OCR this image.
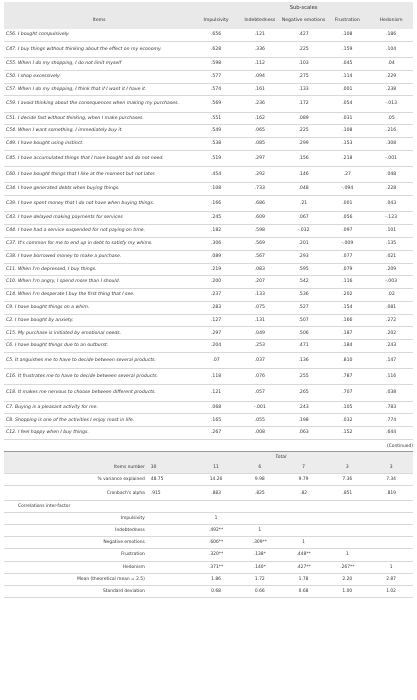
	Sub-scales				
Items	Impulsivity	Indebtedness	Negative emotions	Frustration	Hedonism
C56. I bought compulsively.	.656	.121	.427	.108	.186
C47. I buy things without thinking about the effect on my economy.	.628	.336	.225	.159	.104
C55. When I do my shopping, I do not limit myself	.598	.112	.103	.045	.04
C50. I shop excessively.	.577	.094	.275	.114	.229
C57. When I do my shopping, I think that if I want it I have it.	.574	.161	.133	.001	.238
C59. I avoid thinking about the consequences when making my purchases.	.569	.236	.172	.054	-.013
C51. I decide fast without thinking, when I make purchases.	.551	.162	.089	.031	.05
C54. When I want something, I immediately buy it	.549	.065	.225	.108	.216
C49. I have bought using instinct.	.538	.085	.299	.153	.308
C45. I have accumulated things that I have bought and do not need.	.519	.297	.156	.218	-.001
C60. I have bought things that I like at the moment but not later.	.454	.292	.146	.27	.048
C34. I have generated debts when buying things.	.108	.733	.048	-.094	.228
C39. I have spent money that I do not have when buying things.	.166	.686	.21	.001	.043
C43. I have delayed making payments for services	.245	.609	.067	.056	-.123
C44. I have had a service suspended for not paying on time.	.182	.598	-.032	.097	.101
C37. It's common for me to end up in debt to satisfy my whims.	.306	.569	.201	-.009	.135
C38. I have borrowed money to make a purchase.	.089	.567	.293	.077	.021
C11. When I'm depressed, I buy things.	.219	.083	.595	.079	.209
C10. When I'm angry, I spend more than I should.	.200	.207	.542	.116	-.003
C14. When I'm desperate I buy the first thing that I see.	.237	.133	.536	.202	.02
C9. I have bought things on a whim.	.283	.075	.527	.154	.081
C2. I have bought by anxiety.	.127	.131	.507	.166	.272
C15. My purchase is initiated by emotional needs.	.297	.049	.506	.187	.202
C6. I have bought things due to an outburst.	.204	.253	.471	.184	.243
C5. It anguishes me to have to decide between several products.	.07	.037	.136	.810	.147
C16. It frustrates me to have to decide between several products.	.118	.076	.255	.787	.116
C18. It makes me nervous to choose between different products.	.121	.057	.265	.707	.038
C7. Buying is a pleasant activity for me.	.068	-.001	.243	.105	.783
C8. Shopping is one of the activities I enjoy most in life.	.165	.055	.198	.032	.774
C12. I feel happy when I buy things.	.267	.008	.063	.152	.644
(Continued)
	Total					
Items number	30	11	6	7	3	3
% variance explained	48.75	14.26	9.98	9.79	7.36	7.34
Cronbach's alpha	.915	.883	.825	.82	.851	.819
Correlations inter-factor						
Impulsivity		1				
Indebtedness		.492**	1			
Negative emotions		.606**	.309**	1		
Frustration		.320**	.138*	.448**	1	
Hedonism		.371**	.140*	.427**	.267**	1
Mean (theoretical mean = 2.5)		1.86	1.72	1.78	2.20	2.87
Standard deviation		0.68	0.66	0.68	1.00	1.02
